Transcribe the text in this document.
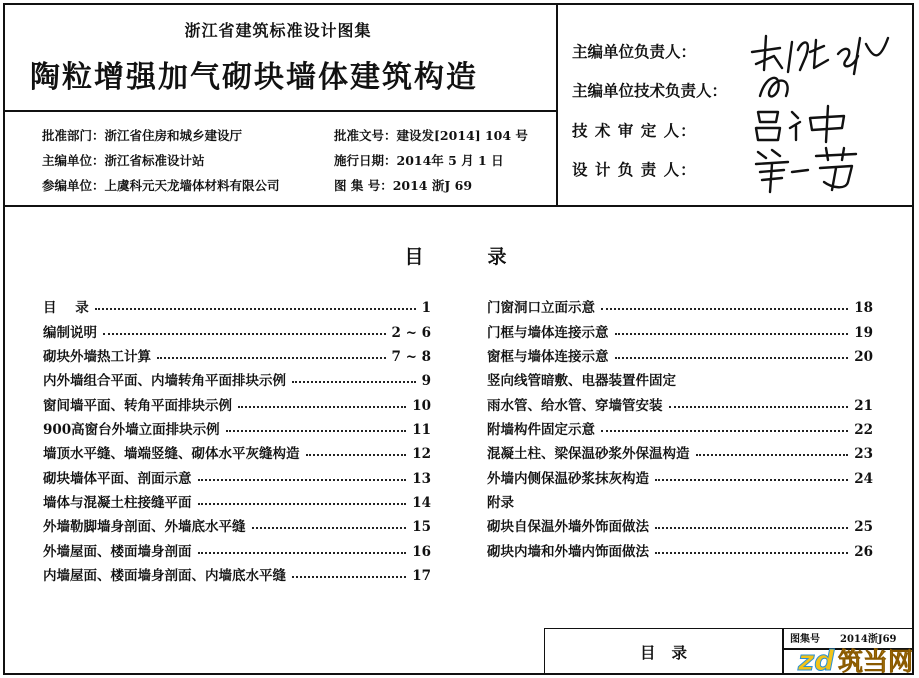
浙江省建筑标准设计图集
陶粒增强加气砌块墙体建筑构造
批准部门：浙江省住房和城乡建设厅
主编单位：浙江省标准设计站
参编单位：上虞科元天龙墙体材料有限公司
批准文号：建设发[2014] 104 号
施行日期：2014年 5 月 1 日
图 集 号：2014 浙J 69
主编单位负责人：
主编单位技术负责人：
技 术 审 定 人：
设 计 负 责 人：
目录
目    录	1
编制说明	2 ~ 6
砌块外墙热工计算	7 ~ 8
内外墙组合平面、内墙转角平面排块示例	9
窗间墙平面、转角平面排块示例	10
900高窗台外墙立面排块示例	11
墙顶水平缝、墙端竖缝、砌体水平灰缝构造	12
砌块墙体平面、剖面示意	13
墙体与混凝土柱接缝平面	14
外墙勒脚墙身剖面、外墙底水平缝	15
外墙屋面、楼面墙身剖面	16
内墙屋面、楼面墙身剖面、内墙底水平缝	17
门窗洞口立面示意	18
门框与墙体连接示意	19
窗框与墙体连接示意	20
竖向线管暗敷、电器装置件固定
雨水管、给水管、穿墙管安装	21
附墙构件固定示意	22
混凝土柱、梁保温砂浆外保温构造	23
外墙内侧保温砂浆抹灰构造	24
附录
砌块自保温外墙外饰面做法	25
砌块内墙和外墙内饰面做法	26
目录
图集号 2014浙J69
zd 筑当网
